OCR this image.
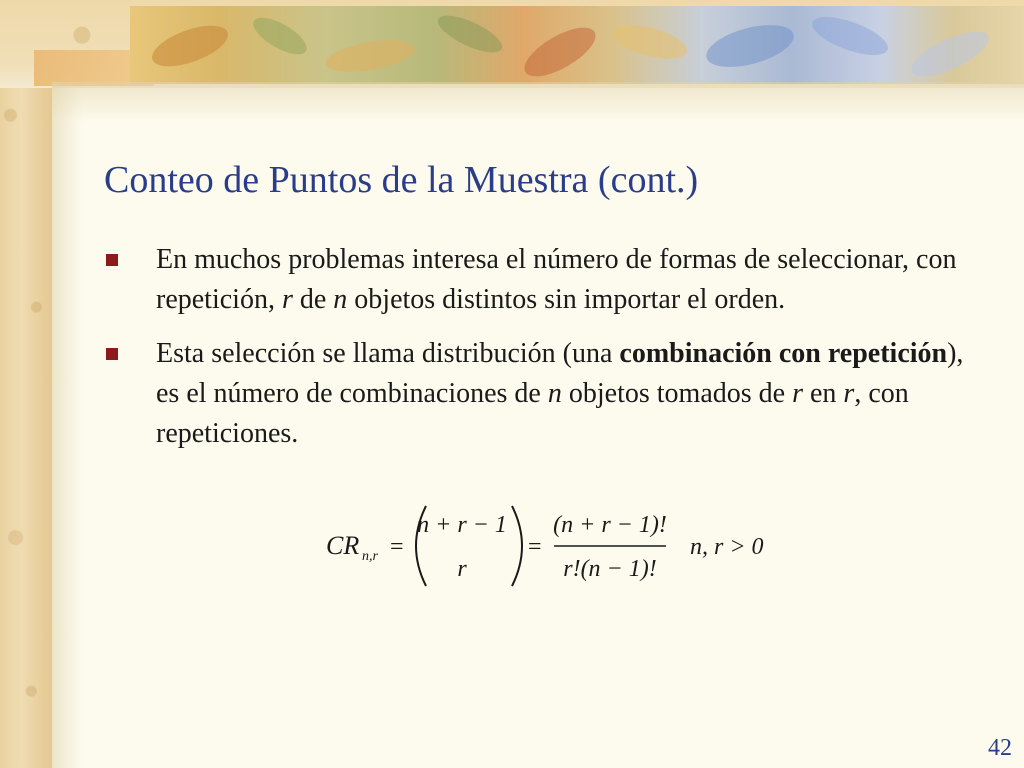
Conteo de Puntos de la Muestra (cont.)
En muchos problemas interesa el número de formas de seleccionar, con repetición, r de n objetos distintos sin importar el orden.
Esta selección se llama distribución (una combinación con repetición), es el número de combinaciones de n objetos tomados de r en r, con repeticiones.
CR n,r =
n + r − 1
r
=
(n + r − 1)!
r!(n − 1)!
n, r > 0
42
